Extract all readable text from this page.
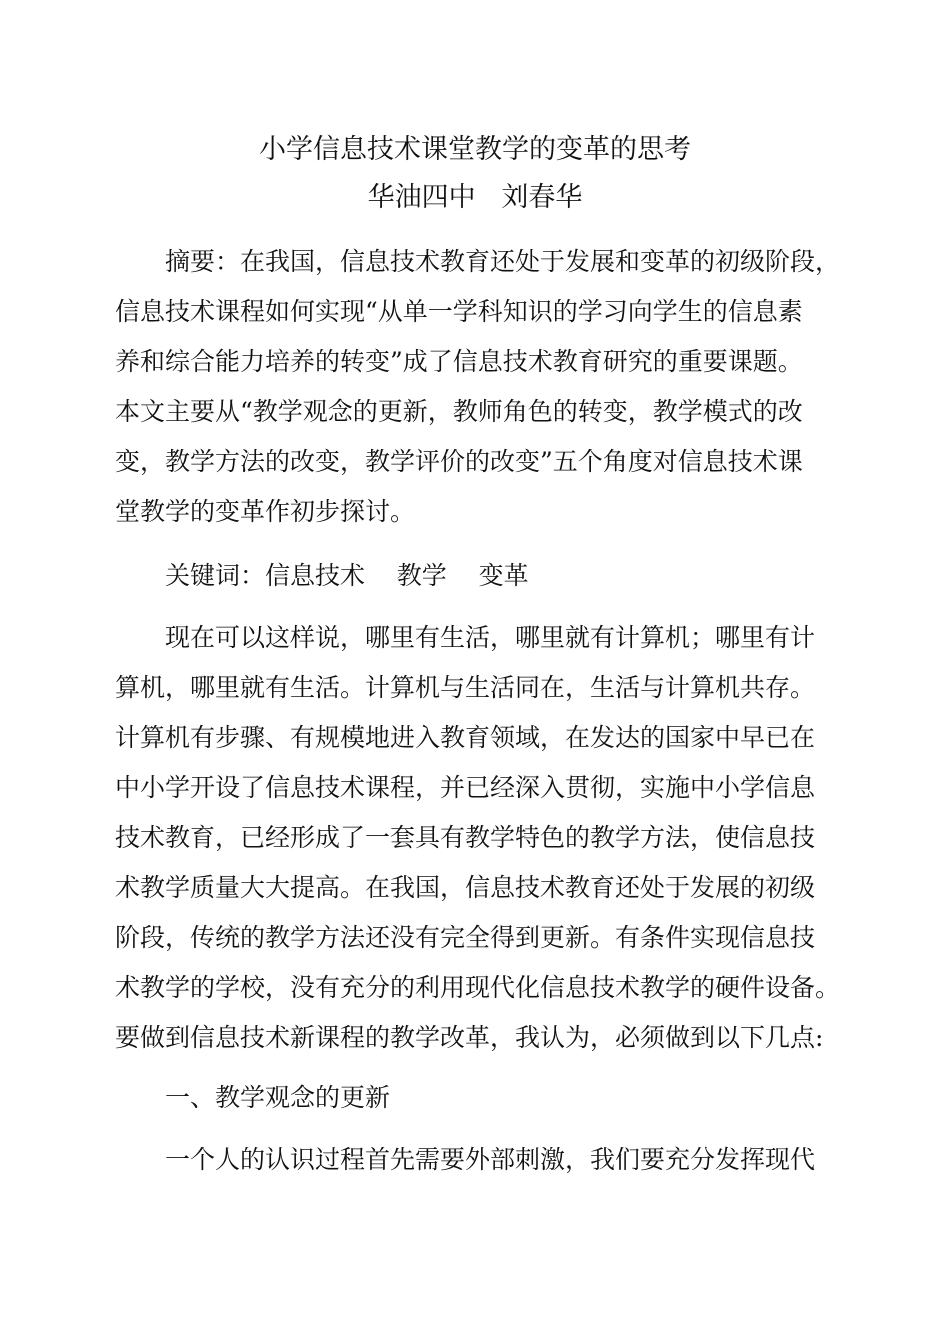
小学信息技术课堂教学的变革的思考
华油四中   刘春华
摘要：在我国，信息技术教育还处于发展和变革的初级阶段，
信息技术课程如何实现“从单一学科知识的学习向学生的信息素
养和综合能力培养的转变”成了信息技术教育研究的重要课题。
本文主要从“教学观念的更新，教师角色的转变，教学模式的改
变，教学方法的改变，教学评价的改变”五个角度对信息技术课
堂教学的变革作初步探讨。
关键词：信息技术    教学    变革
现在可以这样说，哪里有生活，哪里就有计算机；哪里有计
算机，哪里就有生活。计算机与生活同在，生活与计算机共存。
计算机有步骤、有规模地进入教育领域，在发达的国家中早已在
中小学开设了信息技术课程，并已经深入贯彻，实施中小学信息
技术教育，已经形成了一套具有教学特色的教学方法，使信息技
术教学质量大大提高。在我国，信息技术教育还处于发展的初级
阶段，传统的教学方法还没有完全得到更新。有条件实现信息技
术教学的学校，没有充分的利用现代化信息技术教学的硬件设备。
要做到信息技术新课程的教学改革，我认为，必须做到以下几点:
一、教学观念的更新
一个人的认识过程首先需要外部刺激，我们要充分发挥现代
